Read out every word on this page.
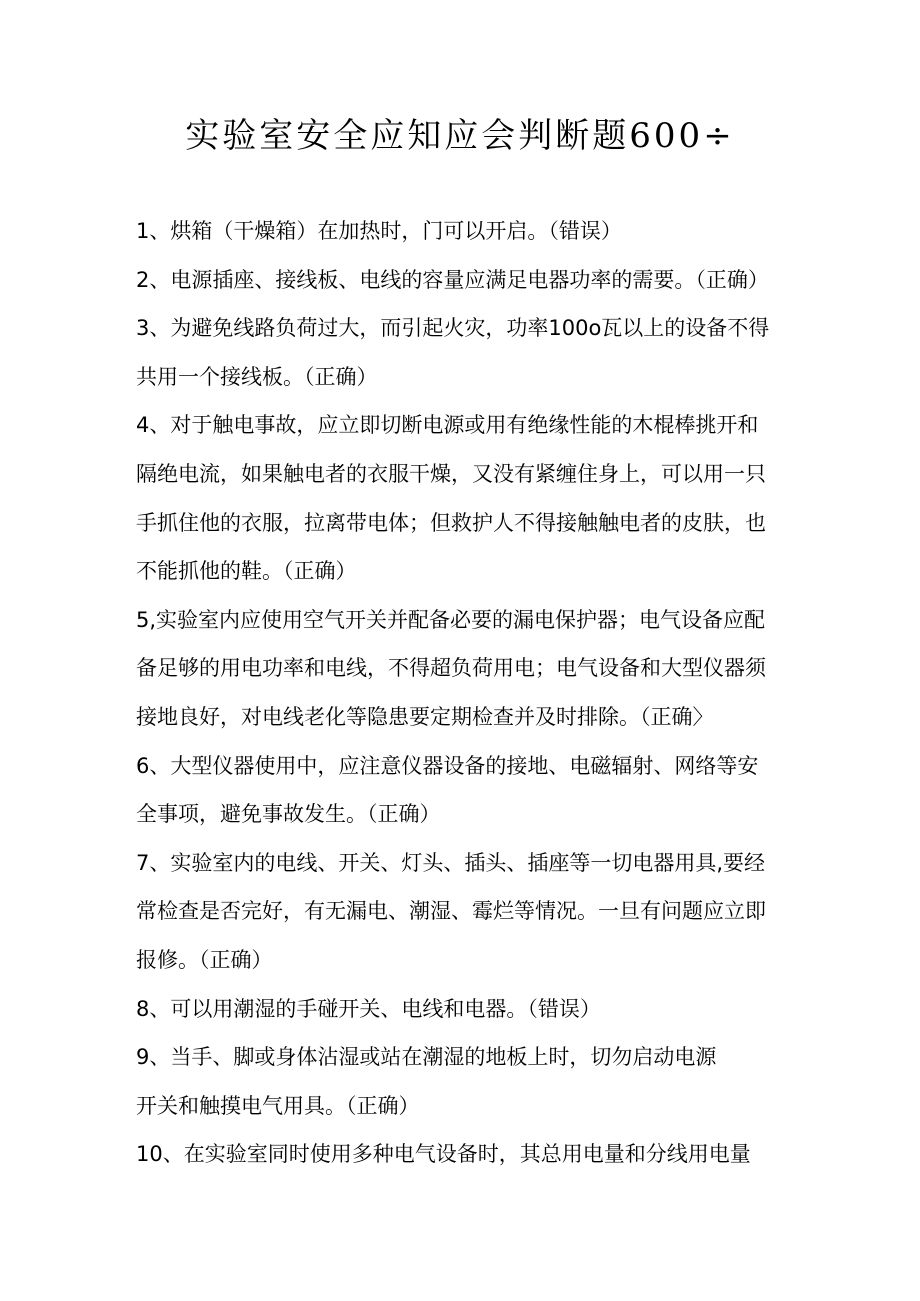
实验室安全应知应会判断题600÷
1、烘箱（干燥箱）在加热时，门可以开启。（错误）
2、电源插座、接线板、电线的容量应满足电器功率的需要。（正确）
3、为避免线路负荷过大，而引起火灾，功率100o瓦以上的设备不得
共用一个接线板。（正确）
4、对于触电事故，应立即切断电源或用有绝缘性能的木棍棒挑开和
隔绝电流，如果触电者的衣服干燥，又没有紧缠住身上，可以用一只
手抓住他的衣服，拉离带电体；但救护人不得接触触电者的皮肤，也
不能抓他的鞋。（正确）
5,实验室内应使用空气开关并配备必要的漏电保护器；电气设备应配
备足够的用电功率和电线，不得超负荷用电；电气设备和大型仪器须
接地良好，对电线老化等隐患要定期检查并及时排除。（正确〉
6、大型仪器使用中，应注意仪器设备的接地、电磁辐射、网络等安
全事项，避免事故发生。（正确）
7、实验室内的电线、开关、灯头、插头、插座等一切电器用具,要经
常检查是否完好，有无漏电、潮湿、霉烂等情况。一旦有问题应立即
报修。（正确）
8、可以用潮湿的手碰开关、电线和电器。（错误）
9、当手、脚或身体沾湿或站在潮湿的地板上时，切勿启动电源
开关和触摸电气用具。（正确）
10、在实验室同时使用多种电气设备时，其总用电量和分线用电量
